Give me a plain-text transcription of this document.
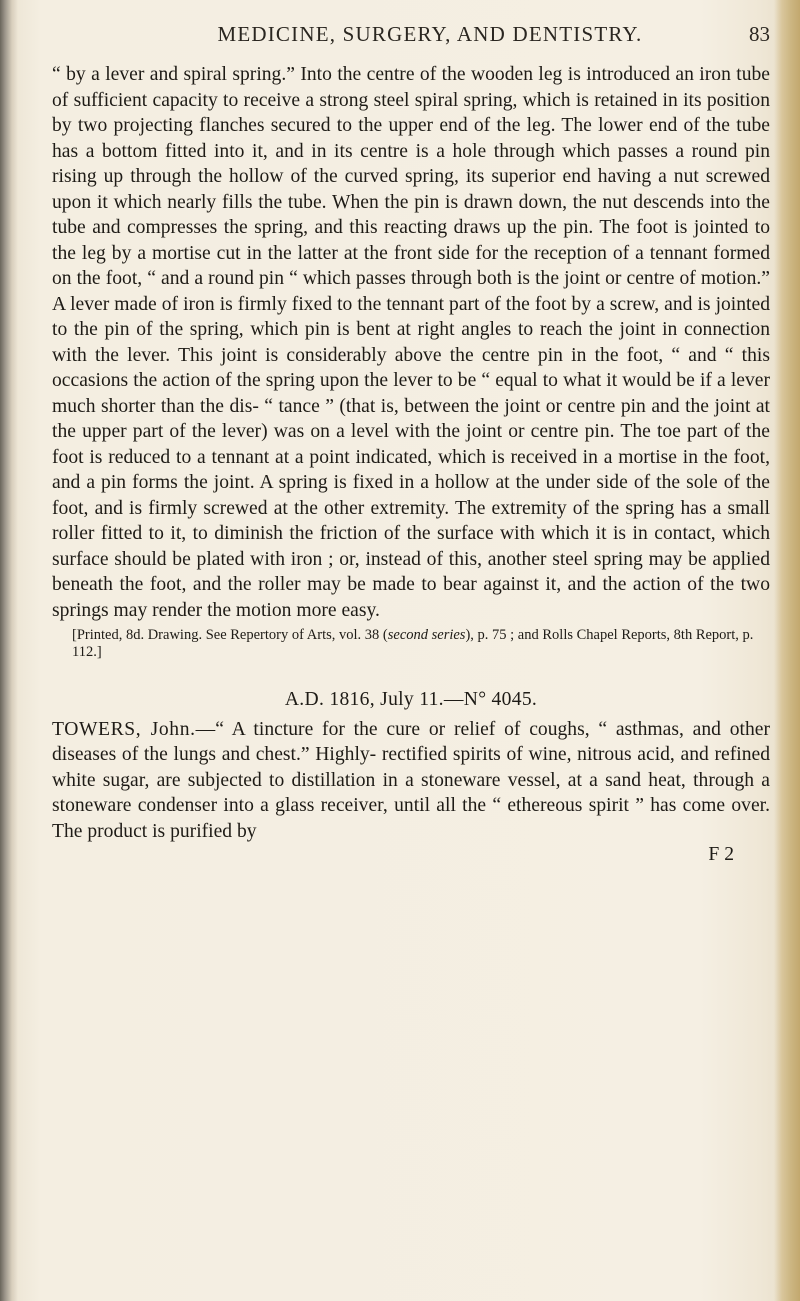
MEDICINE, SURGERY, AND DENTISTRY.	83

“ by a lever and spiral spring.” Into the centre of the wooden leg is introduced an iron tube of sufficient capacity to receive a strong steel spiral spring, which is retained in its position by two projecting flanches secured to the upper end of the leg. The lower end of the tube has a bottom fitted into it, and in its centre is a hole through which passes a round pin rising up through the hollow of the curved spring, its superior end having a nut screwed upon it which nearly fills the tube. When the pin is drawn down, the nut descends into the tube and compresses the spring, and this reacting draws up the pin. The foot is jointed to the leg by a mortise cut in the latter at the front side for the reception of a tennant formed on the foot, “ and a round pin “ which passes through both is the joint or centre of motion.” A lever made of iron is firmly fixed to the tennant part of the foot by a screw, and is jointed to the pin of the spring, which pin is bent at right angles to reach the joint in connection with the lever. This joint is considerably above the centre pin in the foot, “ and “ this occasions the action of the spring upon the lever to be “ equal to what it would be if a lever much shorter than the dis- “ tance ” (that is, between the joint or centre pin and the joint at the upper part of the lever) was on a level with the joint or centre pin. The toe part of the foot is reduced to a tennant at a point indicated, which is received in a mortise in the foot, and a pin forms the joint. A spring is fixed in a hollow at the under side of the sole of the foot, and is firmly screwed at the other extremity. The extremity of the spring has a small roller fitted to it, to diminish the friction of the surface with which it is in contact, which surface should be plated with iron ; or, instead of this, another steel spring may be applied beneath the foot, and the roller may be made to bear against it, and the action of the two springs may render the motion more easy.

[Printed, 8d. Drawing. See Repertory of Arts, vol. 38 (second series), p. 75 ; and Rolls Chapel Reports, 8th Report, p. 112.]

A.D. 1816, July 11.—N° 4045.

TOWERS, John.—“ A tincture for the cure or relief of coughs, “ asthmas, and other diseases of the lungs and chest.” Highly- rectified spirits of wine, nitrous acid, and refined white sugar, are subjected to distillation in a stoneware vessel, at a sand heat, through a stoneware condenser into a glass receiver, until all the “ ethereous spirit ” has come over. The product is purified by

F 2
